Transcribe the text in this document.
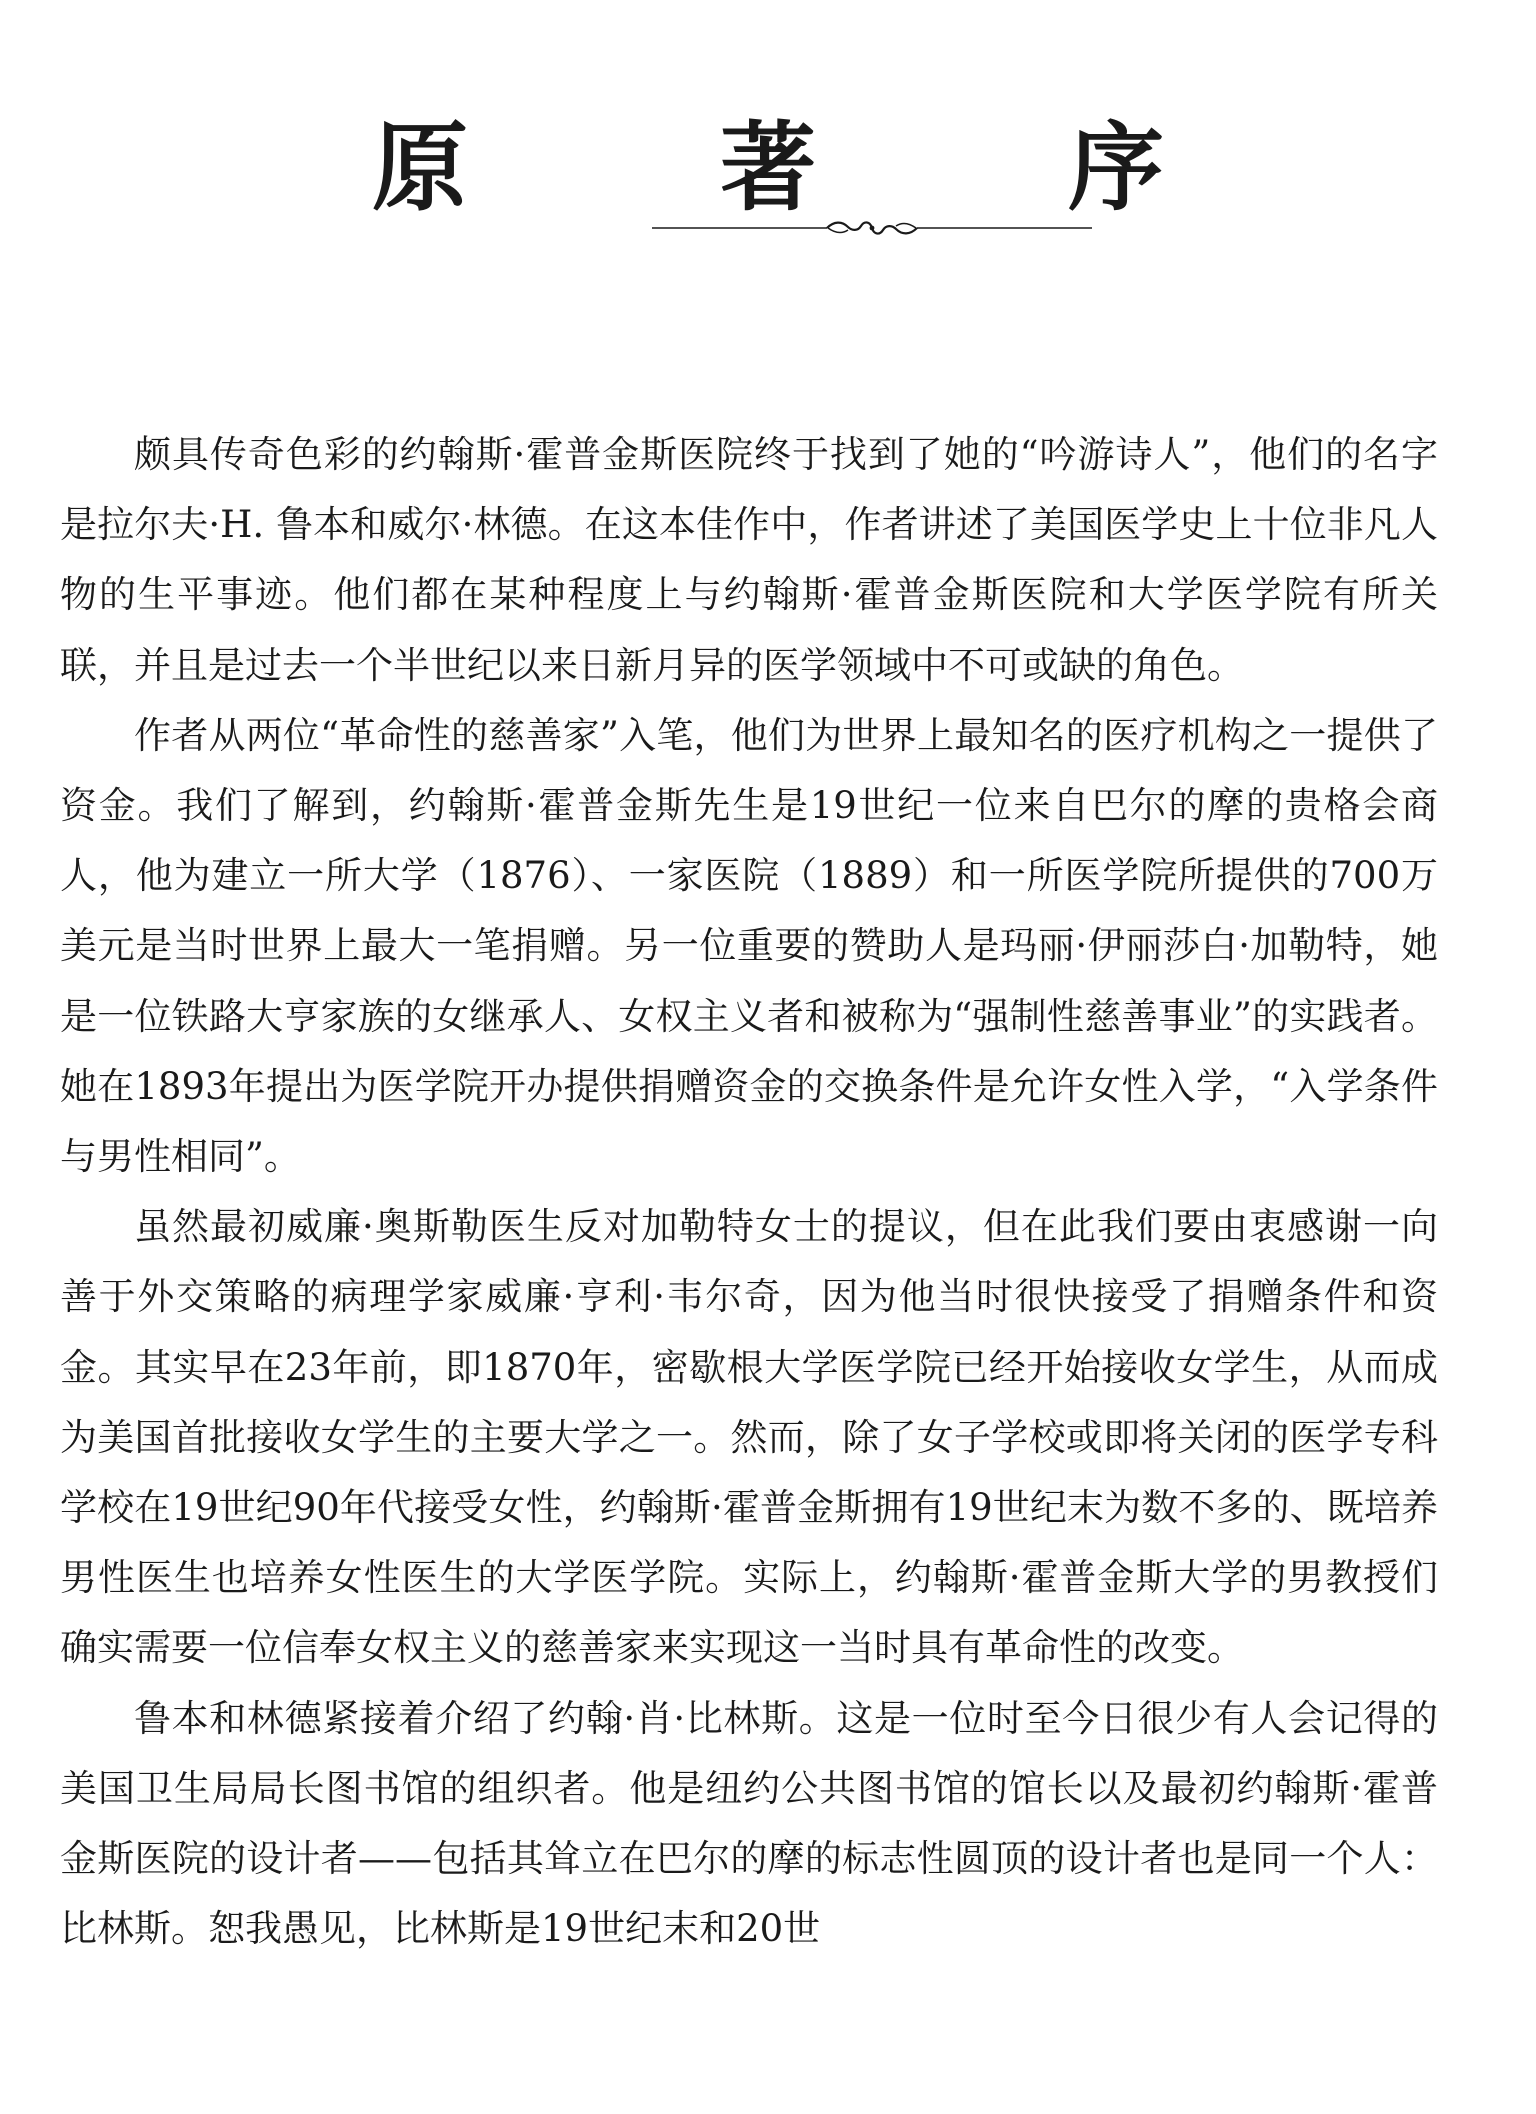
原　著　序

颇具传奇色彩的约翰斯·霍普金斯医院终于找到了她的“吟游诗人”，他们的名字是拉尔夫·H. 鲁本和威尔·林德。在这本佳作中，作者讲述了美国医学史上十位非凡人物的生平事迹。他们都在某种程度上与约翰斯·霍普金斯医院和大学医学院有所关联，并且是过去一个半世纪以来日新月异的医学领域中不可或缺的角色。

作者从两位“革命性的慈善家”入笔，他们为世界上最知名的医疗机构之一提供了资金。我们了解到，约翰斯·霍普金斯先生是19世纪一位来自巴尔的摩的贵格会商人，他为建立一所大学（1876）、一家医院（1889）和一所医学院所提供的700万美元是当时世界上最大一笔捐赠。另一位重要的赞助人是玛丽·伊丽莎白·加勒特，她是一位铁路大亨家族的女继承人、女权主义者和被称为“强制性慈善事业”的实践者。她在1893年提出为医学院开办提供捐赠资金的交换条件是允许女性入学，“入学条件与男性相同”。

虽然最初威廉·奥斯勒医生反对加勒特女士的提议，但在此我们要由衷感谢一向善于外交策略的病理学家威廉·亨利·韦尔奇，因为他当时很快接受了捐赠条件和资金。其实早在23年前，即1870年，密歇根大学医学院已经开始接收女学生，从而成为美国首批接收女学生的主要大学之一。然而，除了女子学校或即将关闭的医学专科学校在19世纪90年代接受女性，约翰斯·霍普金斯拥有19世纪末为数不多的、既培养男性医生也培养女性医生的大学医学院。实际上，约翰斯·霍普金斯大学的男教授们确实需要一位信奉女权主义的慈善家来实现这一当时具有革命性的改变。

鲁本和林德紧接着介绍了约翰·肖·比林斯。这是一位时至今日很少有人会记得的美国卫生局局长图书馆的组织者。他是纽约公共图书馆的馆长以及最初约翰斯·霍普金斯医院的设计者——包括其耸立在巴尔的摩的标志性圆顶的设计者也是同一个人：比林斯。恕我愚见，比林斯是19世纪末和20世
